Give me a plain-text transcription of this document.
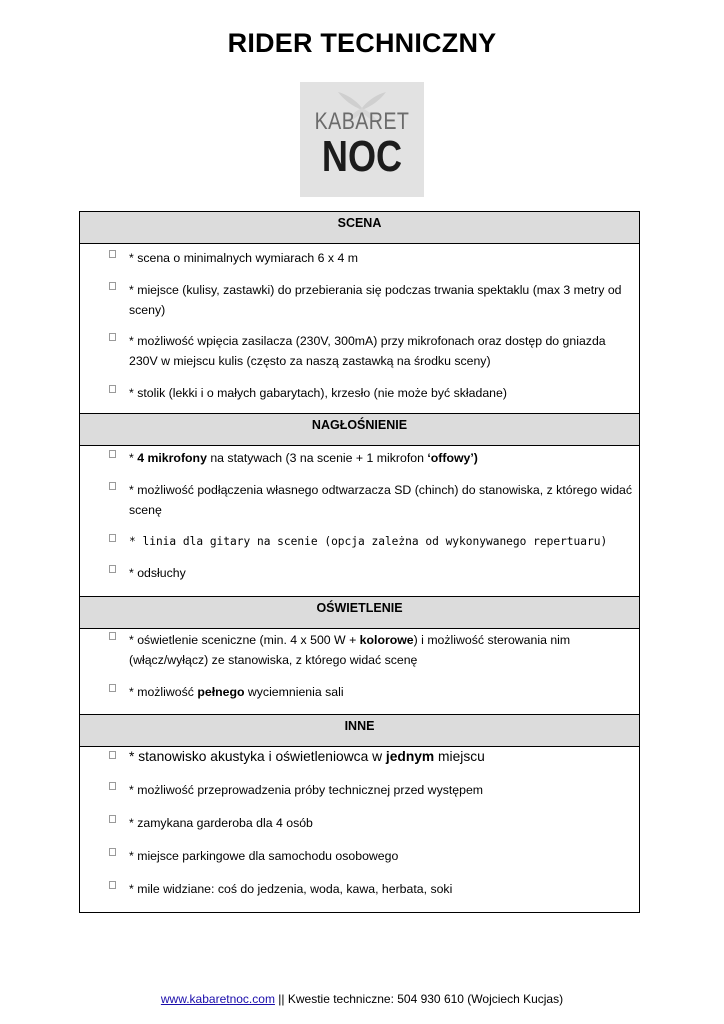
RIDER TECHNICZNY
KABARET
NOC
SCENA
* scena o minimalnych wymiarach 6 x 4 m
* miejsce (kulisy, zastawki) do przebierania się podczas trwania spektaklu (max 3 metry od sceny)
* możliwość wpięcia zasilacza (230V, 300mA) przy mikrofonach oraz dostęp do gniazda 230V w miejscu kulis (często za naszą zastawką na środku sceny)
* stolik (lekki i o małych gabarytach), krzesło (nie może być składane)
NAGŁOŚNIENIE
* 4 mikrofony na statywach (3 na scenie + 1 mikrofon ‘offowy’)
* możliwość podłączenia własnego odtwarzacza SD (chinch) do stanowiska, z którego widać scenę
* linia dla gitary na scenie (opcja zależna od wykonywanego repertuaru)
* odsłuchy
OŚWIETLENIE
* oświetlenie sceniczne (min. 4 x 500 W + kolorowe) i możliwość sterowania nim (włącz/wyłącz) ze stanowiska, z którego widać scenę
* możliwość pełnego wyciemnienia sali
INNE
* stanowisko akustyka i oświetleniowca w jednym miejscu
* możliwość przeprowadzenia próby technicznej przed występem
* zamykana garderoba dla 4 osób
* miejsce parkingowe dla samochodu osobowego
* mile widziane: coś do jedzenia, woda, kawa, herbata, soki
www.kabaretnoc.com || Kwestie techniczne: 504 930 610 (Wojciech Kucjas)
